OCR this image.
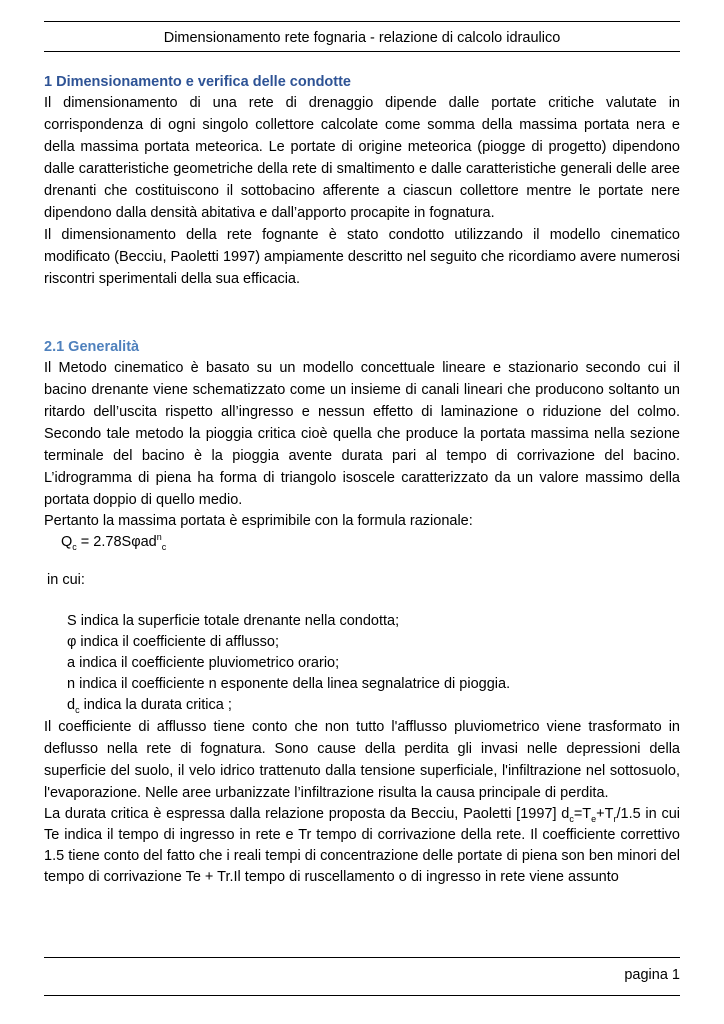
Dimensionamento rete fognaria - relazione di calcolo idraulico

1 Dimensionamento e verifica delle condotte

Il dimensionamento di una rete di drenaggio dipende dalle portate critiche valutate in corrispondenza di ogni singolo collettore calcolate come somma della massima portata nera e della massima portata meteorica. Le portate di origine meteorica (piogge di progetto) dipendono dalle caratteristiche geometriche della rete di smaltimento e dalle caratteristiche generali delle aree drenanti che costituiscono il sottobacino afferente a ciascun collettore mentre le portate nere dipendono dalla densità abitativa e dall’apporto procapite in fognatura.

Il dimensionamento della rete fognante è stato condotto utilizzando il modello cinematico modificato (Becciu, Paoletti 1997) ampiamente descritto nel seguito che ricordiamo avere numerosi riscontri sperimentali della sua efficacia.

2.1 Generalità

Il Metodo cinematico è basato su un modello concettuale lineare e stazionario secondo cui il bacino drenante viene schematizzato come un insieme di canali lineari che producono soltanto un ritardo dell’uscita rispetto all’ingresso e nessun effetto di laminazione o riduzione del colmo. Secondo tale metodo la pioggia critica cioè quella che produce la portata massima nella sezione terminale del bacino è la pioggia avente durata pari al tempo di corrivazione del bacino. L’idrogramma di piena ha forma di triangolo isoscele caratterizzato da un valore massimo della portata doppio di quello medio.

Pertanto la massima portata è esprimibile con la formula razionale:

$Q_c = 2.78S\varphi ad^n_c$

in cui:

S indica la superficie totale drenante nella condotta;

φ indica il coefficiente di afflusso;

a indica il coefficiente pluviometrico orario;

n indica il coefficiente n esponente della linea segnalatrice di pioggia.

$d_c$ indica la durata critica ;

Il coefficiente di afflusso tiene conto che non tutto l'afflusso pluviometrico viene trasformato in deflusso nella rete di fognatura. Sono cause della perdita gli invasi nelle depressioni della superficie del suolo, il velo idrico trattenuto dalla tensione superficiale, l'infiltrazione nel sottosuolo, l'evaporazione. Nelle aree urbanizzate l’infiltrazione risulta la causa principale di perdita.

La durata critica è espressa dalla relazione proposta da Becciu, Paoletti [1997] $d_c=T_e+T_r/1.5$ in cui Te indica il tempo di ingresso in rete e Tr tempo di corrivazione della rete. Il coefficiente correttivo 1.5 tiene conto del fatto che i reali tempi di concentrazione delle portate di piena son ben minori del tempo di corrivazione Te + Tr.Il tempo di ruscellamento o di ingresso in rete viene assunto

pagina 1
